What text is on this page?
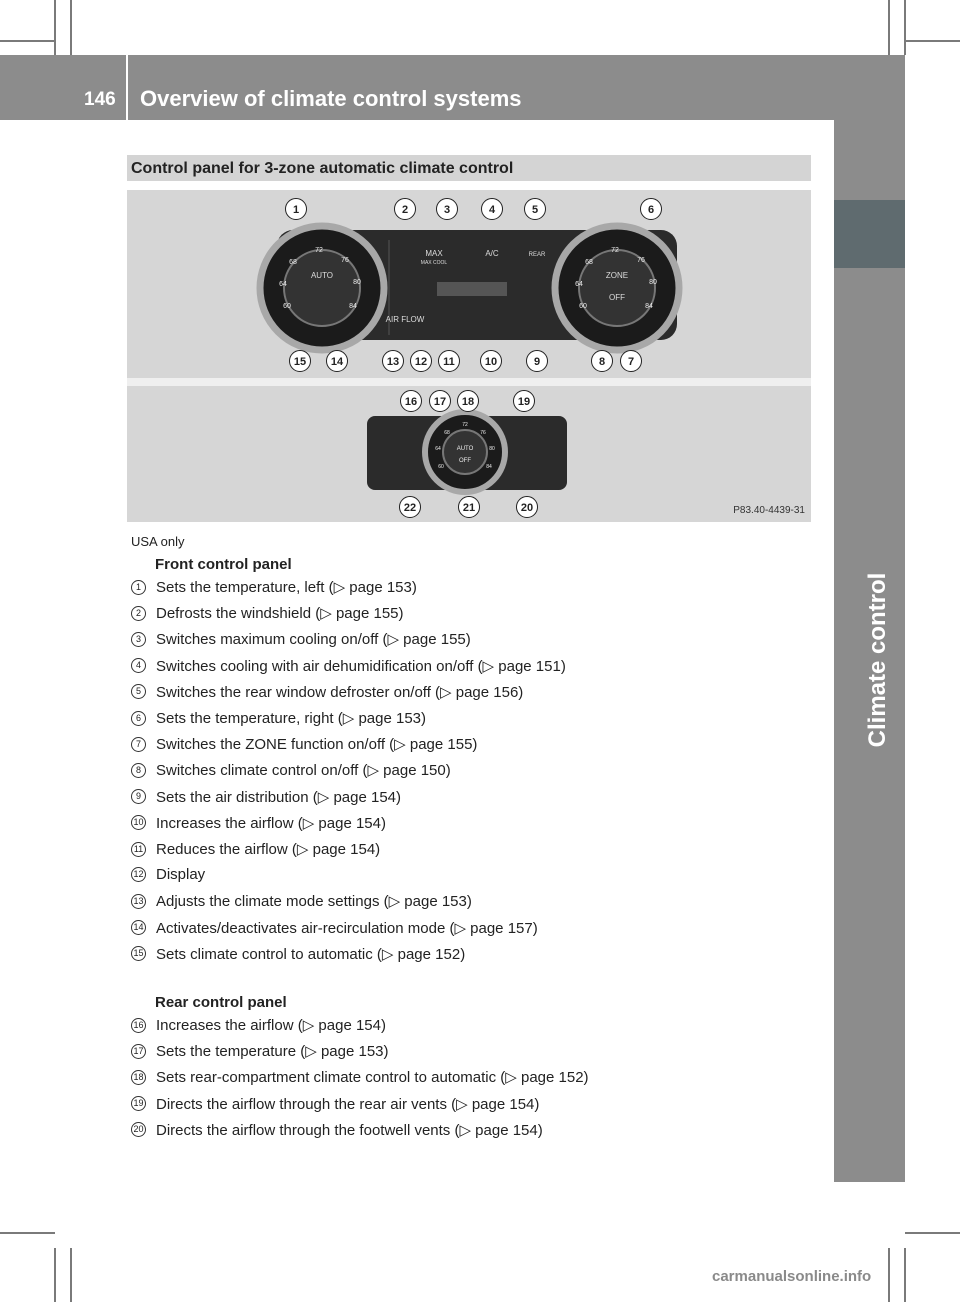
146 Overview of climate control systems
Climate control
Control panel for 3-zone automatic climate control
MAX	A/C
MAX COOL
REAR
AUTO	ZONE
OFF
AIR FLOW
60
64
68
72
76
80
84	60
64
68
72
76
80
84
AUTO
OFF
60
64
68
72
76
80
84
1	2	3	4	5	6
15	14	13	12	11	10	9	8	7
16	17	18	19
22	21	20	P83.40-4439-31
USA only
Front control panel
1	Sets the temperature, left (▷ page 153)
2	Defrosts the windshield (▷ page 155)
3	Switches maximum cooling on/off (▷ page 155)
4	Switches cooling with air dehumidification on/off (▷ page 151)
5	Switches the rear window defroster on/off (▷ page 156)
6	Sets the temperature, right (▷ page 153)
7	Switches the ZONE function on/off (▷ page 155)
8	Switches climate control on/off (▷ page 150)
9	Sets the air distribution (▷ page 154)
10 Increases the airflow (▷ page 154)
11 Reduces the airflow (▷ page 154)
12 Display
13 Adjusts the climate mode settings (▷ page 153)
14 Activates/deactivates air-recirculation mode (▷ page 157)
15 Sets climate control to automatic (▷ page 152)
Rear control panel
16 Increases the airflow (▷ page 154)
17 Sets the temperature (▷ page 153)
18 Sets rear-compartment climate control to automatic (▷ page 152)
19 Directs the airflow through the rear air vents (▷ page 154)
20 Directs the airflow through the footwell vents (▷ page 154)
carmanualsonline.info
